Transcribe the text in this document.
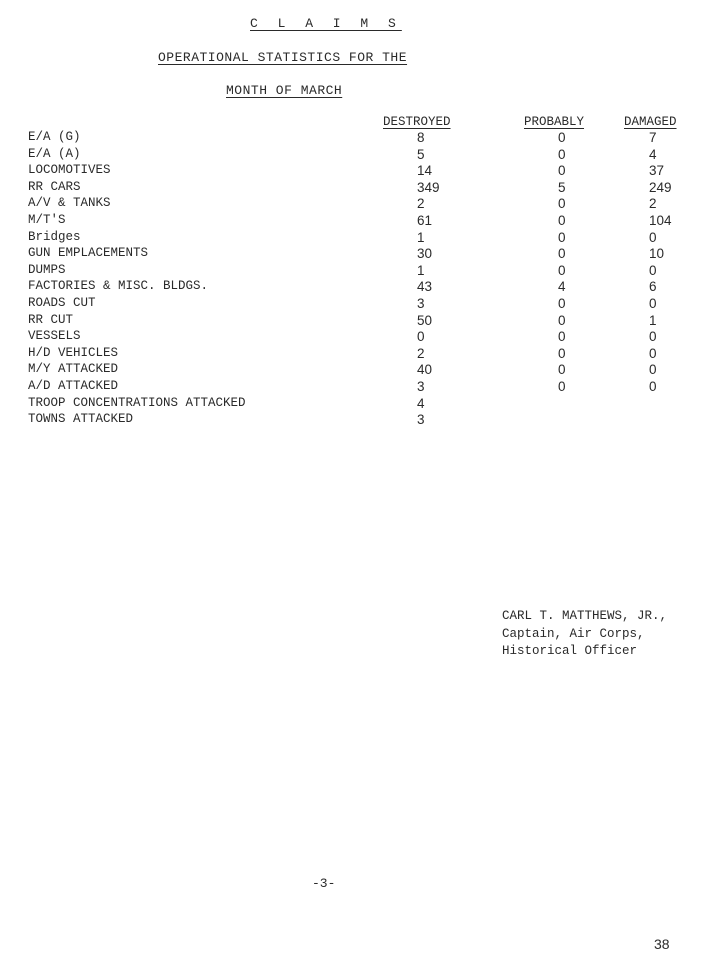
C L A I M S
OPERATIONAL STATISTICS FOR THE
MONTH OF MARCH
DESTROYED	PROBABLY	DAMAGED
E/A (G)	8	0	7
E/A (A)	5	0	4
LOCOMOTIVES	14	0	37
RR CARS	349	5	249
A/V & TANKS	2	0	2
M/T'S	61	0	104
Bridges	1	0	0
GUN EMPLACEMENTS	30	0	10
DUMPS	1	0	0
FACTORIES & MISC. BLDGS.	43	4	6
ROADS CUT	3	0	0
RR CUT	50	0	1
VESSELS	0	0	0
H/D VEHICLES	2	0	0
M/Y ATTACKED	40	0	0
A/D ATTACKED	3	0	0
TROOP CONCENTRATIONS ATTACKED	4
TOWNS ATTACKED	3
CARL T. MATTHEWS, JR.,
Captain, Air Corps,
Historical Officer
-3-
38
